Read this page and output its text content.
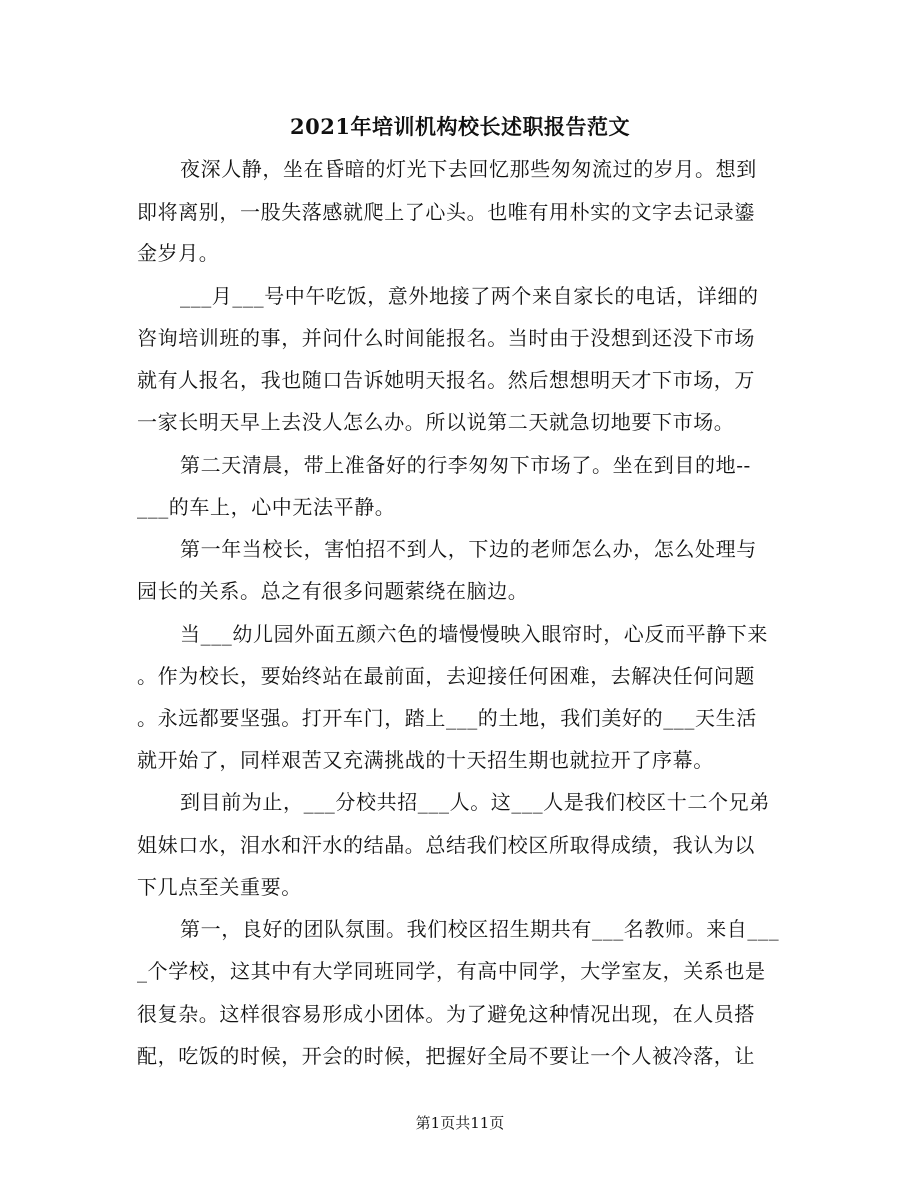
2021年培训机构校长述职报告范文
夜深人静，坐在昏暗的灯光下去回忆那些匆匆流过的岁月。想到
即将离别，一股失落感就爬上了心头。也唯有用朴实的文字去记录鎏
金岁月。
___月___号中午吃饭，意外地接了两个来自家长的电话，详细的
咨询培训班的事，并问什么时间能报名。当时由于没想到还没下市场
就有人报名，我也随口告诉她明天报名。然后想想明天才下市场，万
一家长明天早上去没人怎么办。所以说第二天就急切地要下市场。
第二天清晨，带上准备好的行李匆匆下市场了。坐在到目的地--
___的车上，心中无法平静。
第一年当校长，害怕招不到人，下边的老师怎么办，怎么处理与
园长的关系。总之有很多问题萦绕在脑边。
当___幼儿园外面五颜六色的墙慢慢映入眼帘时，心反而平静下来
。作为校长，要始终站在最前面，去迎接任何困难，去解决任何问题
。永远都要坚强。打开车门，踏上___的土地，我们美好的___天生活
就开始了，同样艰苦又充满挑战的十天招生期也就拉开了序幕。
到目前为止，___分校共招___人。这___人是我们校区十二个兄弟
姐妹口水，泪水和汗水的结晶。总结我们校区所取得成绩，我认为以
下几点至关重要。
第一，良好的团队氛围。我们校区招生期共有___名教师。来自___
_个学校，这其中有大学同班同学，有高中同学，大学室友，关系也是
很复杂。这样很容易形成小团体。为了避免这种情况出现，在人员搭
配，吃饭的时候，开会的时候，把握好全局不要让一个人被冷落，让
第1页共11页
